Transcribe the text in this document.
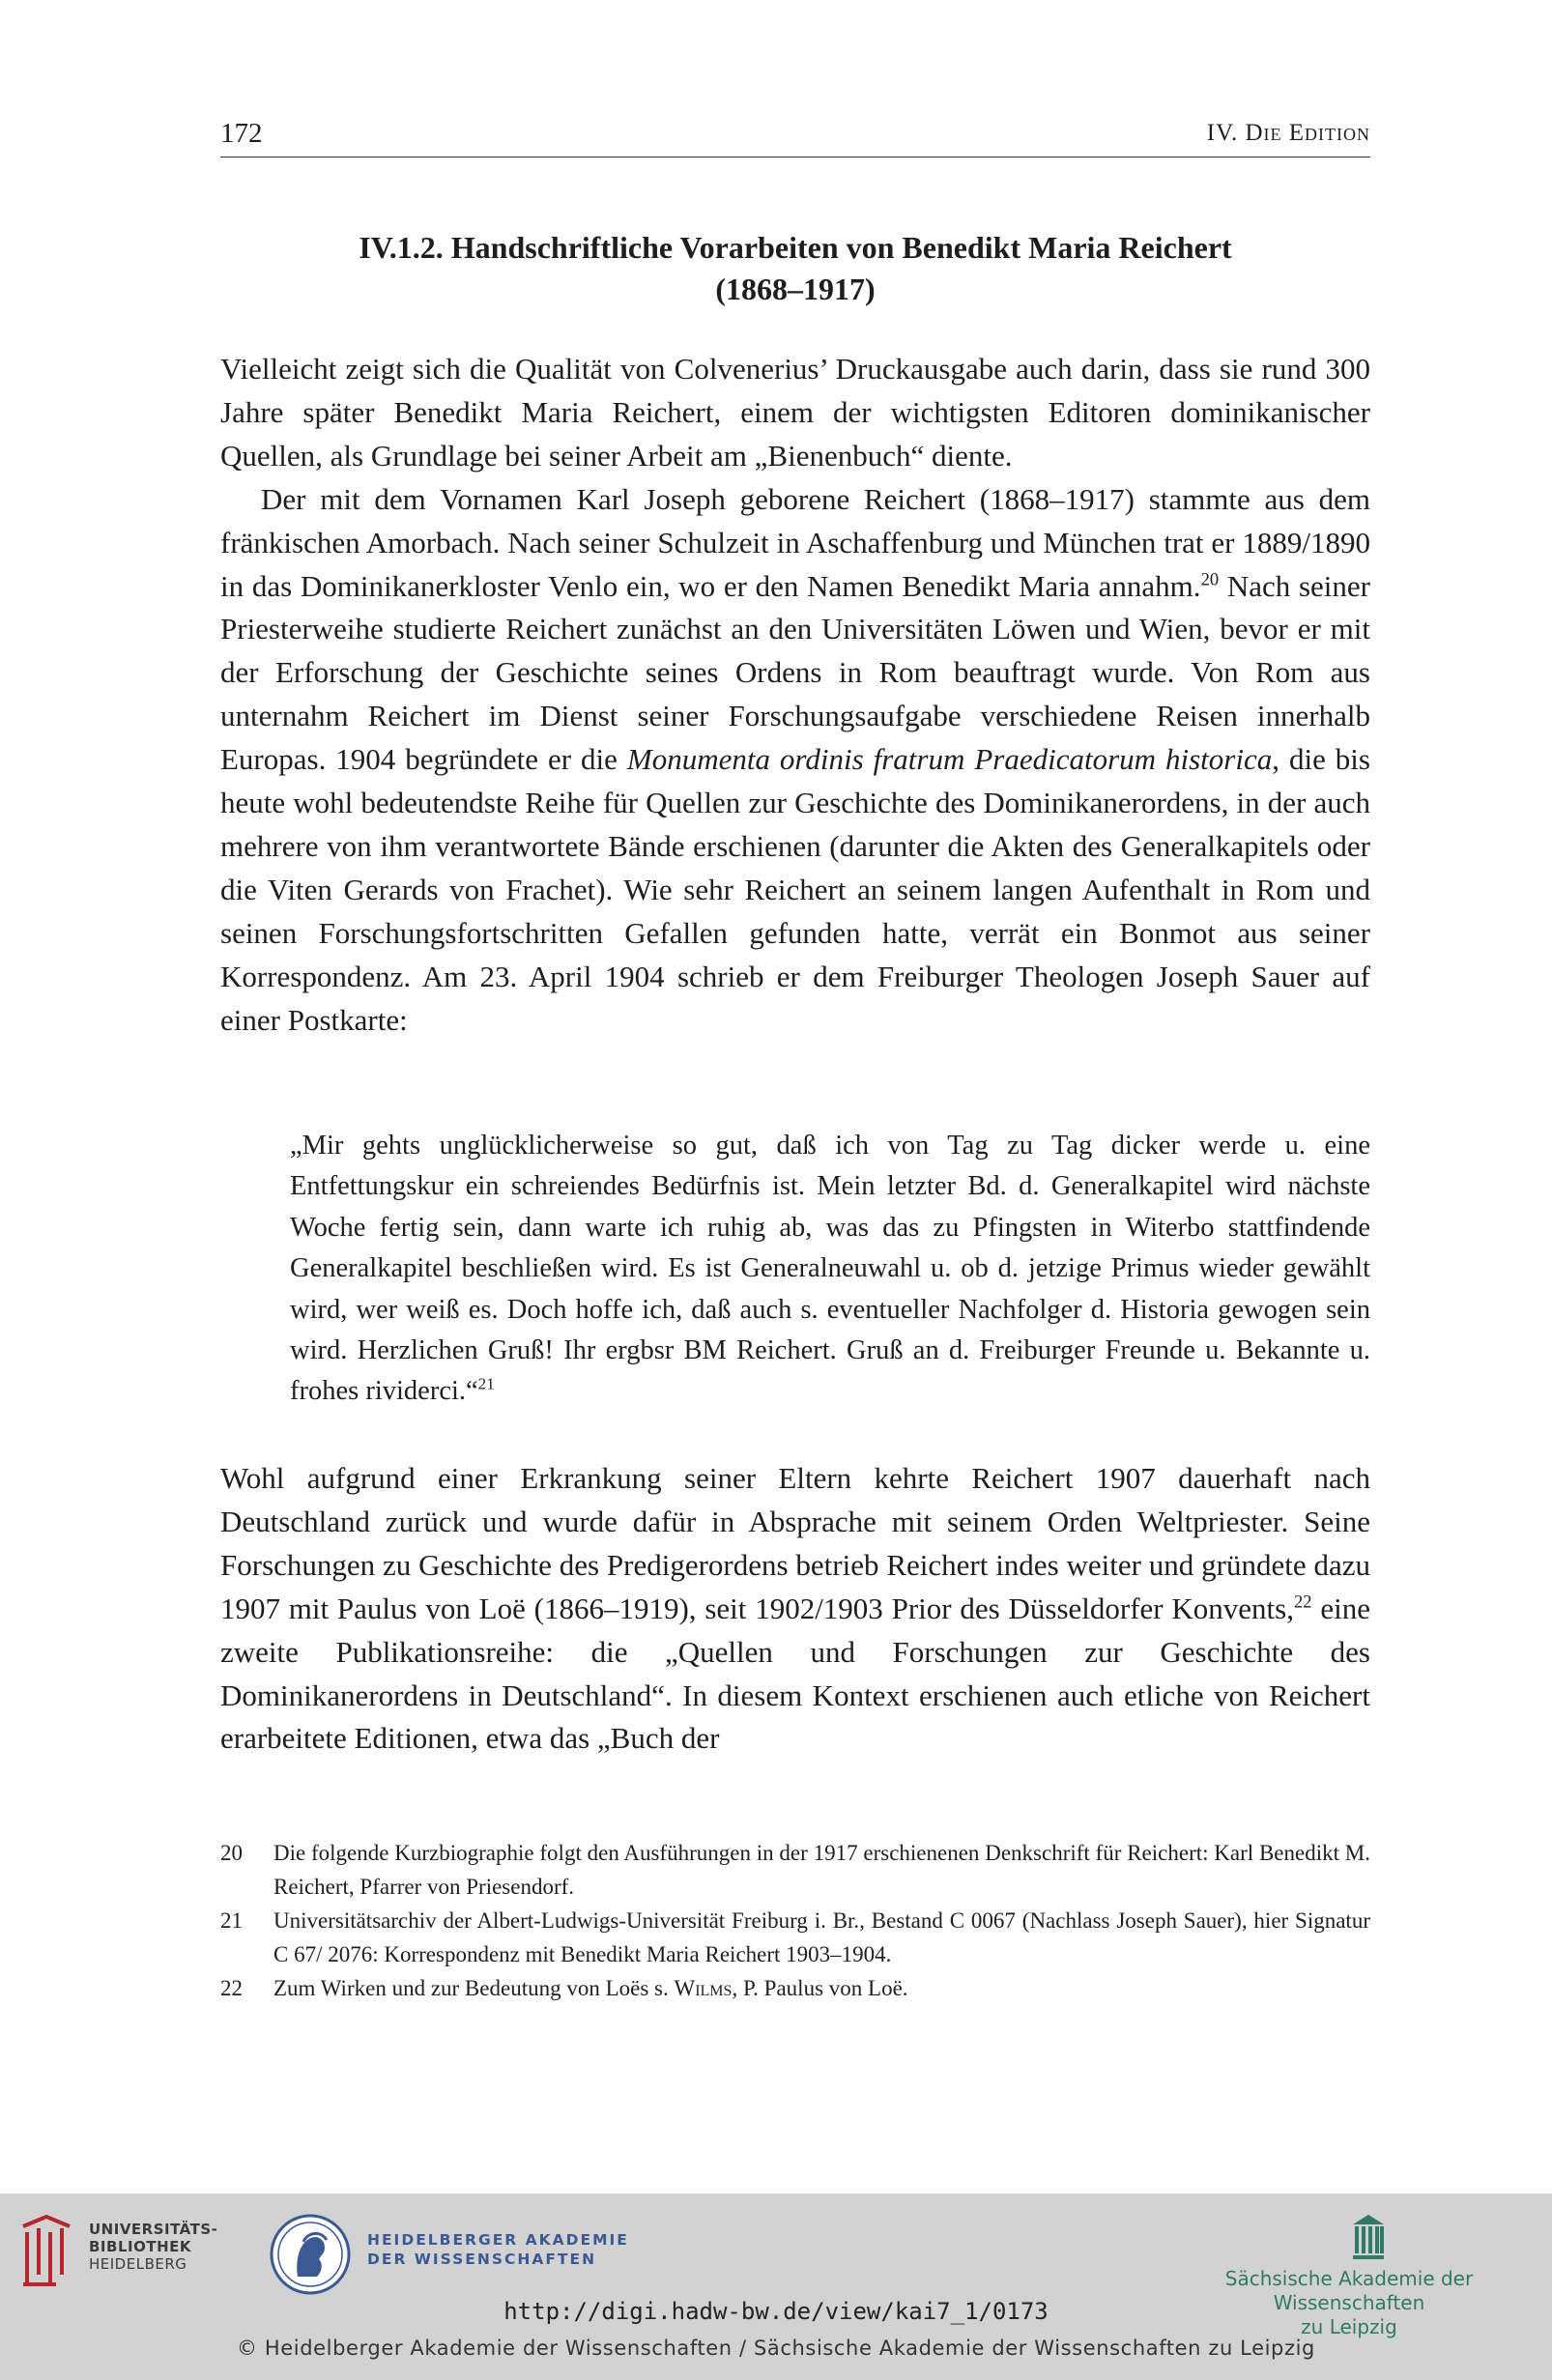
172	IV. Die Edition
IV.1.2. Handschriftliche Vorarbeiten von Benedikt Maria Reichert
(1868–1917)

Vielleicht zeigt sich die Qualität von Colvenerius’ Druckausgabe auch darin, dass sie rund 300 Jahre später Benedikt Maria Reichert, einem der wichtigsten Editoren dominikanischer Quellen, als Grundlage bei seiner Arbeit am „Bienenbuch“ diente.

Der mit dem Vornamen Karl Joseph geborene Reichert (1868–1917) stammte aus dem fränkischen Amorbach. Nach seiner Schulzeit in Aschaffenburg und München trat er 1889/1890 in das Dominikanerkloster Venlo ein, wo er den Namen Benedikt Maria annahm.$^{20}$ Nach seiner Priesterweihe studierte Reichert zunächst an den Universitäten Löwen und Wien, bevor er mit der Erforschung der Geschichte seines Ordens in Rom beauftragt wurde. Von Rom aus unternahm Reichert im Dienst seiner Forschungsaufgabe verschiedene Reisen innerhalb Europas. 1904 begründete er die Monumenta ordinis fratrum Praedicatorum historica, die bis heute wohl bedeutendste Reihe für Quellen zur Geschichte des Dominikanerordens, in der auch mehrere von ihm verantwortete Bände erschienen (darunter die Akten des Generalkapitels oder die Viten Gerards von Frachet). Wie sehr Reichert an seinem langen Aufenthalt in Rom und seinen Forschungsfortschritten Gefallen gefunden hatte, verrät ein Bonmot aus seiner Korrespondenz. Am 23. April 1904 schrieb er dem Freiburger Theologen Joseph Sauer auf einer Postkarte:

„Mir gehts unglücklicherweise so gut, daß ich von Tag zu Tag dicker werde u. eine Entfettungskur ein schreiendes Bedürfnis ist. Mein letzter Bd. d. Generalkapitel wird nächste Woche fertig sein, dann warte ich ruhig ab, was das zu Pfingsten in Witerbo stattfindende Generalkapitel beschließen wird. Es ist Generalneuwahl u. ob d. jetzige Primus wieder gewählt wird, wer weiß es. Doch hoffe ich, daß auch s. eventueller Nachfolger d. Historia gewogen sein wird. Herzlichen Gruß! Ihr ergbsr BM Reichert. Gruß an d. Freiburger Freunde u. Bekannte u. frohes rividerci.“$^{21}$

Wohl aufgrund einer Erkrankung seiner Eltern kehrte Reichert 1907 dauerhaft nach Deutschland zurück und wurde dafür in Absprache mit seinem Orden Weltpriester. Seine Forschungen zu Geschichte des Predigerordens betrieb Reichert indes weiter und gründete dazu 1907 mit Paulus von Loë (1866–1919), seit 1902/1903 Prior des Düsseldorfer Konvents,$^{22}$ eine zweite Publikationsreihe: die „Quellen und Forschungen zur Geschichte des Dominikanerordens in Deutschland“. In diesem Kontext erschienen auch etliche von Reichert erarbeitete Editionen, etwa das „Buch der

20	Die folgende Kurzbiographie folgt den Ausführungen in der 1917 erschienenen Denkschrift für Reichert: Karl Benedikt M. Reichert, Pfarrer von Priesendorf.
21	Universitätsarchiv der Albert-Ludwigs-Universität Freiburg i. Br., Bestand C 0067 (Nachlass Joseph Sauer), hier Signatur C 67/ 2076: Korrespondenz mit Benedikt Maria Reichert 1903–1904.
22	Zum Wirken und zur Bedeutung von Loës s. Wilms, P. Paulus von Loë.
UNIVERSITÄTS-
BIBLIOTHEK
HEIDELBERG
HEIDELBERGER AKADEMIE
DER WISSENSCHAFTEN
Sächsische Akademie der Wissenschaften
zu Leipzig
http://digi.hadw-bw.de/view/kai7_1/0173
© Heidelberger Akademie der Wissenschaften / Sächsische Akademie der Wissenschaften zu Leipzig
